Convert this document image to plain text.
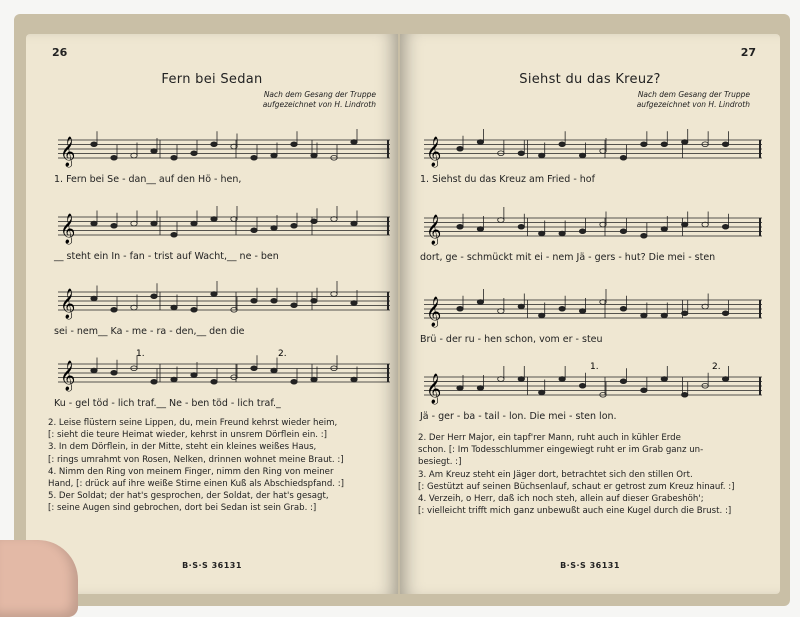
26
Fern bei Sedan
Nach dem Gesang der Truppe
aufgezeichnet von H. Lindroth
𝄞
1. Fern bei Se - dan__ auf den Hö - hen,
𝄞
__ steht ein In - fan - trist auf Wacht,__ ne - ben
𝄞
sei - nem__ Ka - me - ra - den,__ den die
1.	2.
𝄞
Ku - gel töd - lich traf.__ Ne - ben töd - lich traf._
2. Leise flüstern seine Lippen, du, mein Freund kehrst wieder heim,
[: sieht die teure Heimat wieder, kehrst in unsrem Dörflein ein. :]
3. In dem Dörflein, in der Mitte, steht ein kleines weißes Haus,
[: rings umrahmt von Rosen, Nelken, drinnen wohnet meine Braut. :]
4. Nimm den Ring von meinem Finger, nimm den Ring von meiner
Hand, [: drück auf ihre weiße Stirne einen Kuß als Abschiedspfand. :]
5. Der Soldat; der hat's gesprochen, der Soldat, der hat's gesagt,
[: seine Augen sind gebrochen, dort bei Sedan ist sein Grab. :]
B·S·S 36131
27
Siehst du das Kreuz?
Nach dem Gesang der Truppe
aufgezeichnet von H. Lindroth
𝄞
1. Siehst du das Kreuz am Fried - hof
𝄞
dort, ge - schmückt mit ei - nem Jä - gers - hut? Die mei - sten
𝄞
Brü - der ru - hen schon, vom er - steu
1.	2.
𝄞
Jä - ger - ba - tail - lon. Die mei - sten lon.
2. Der Herr Major, ein tapf'rer Mann, ruht auch in kühler Erde
schon. [: Im Todesschlummer eingewiegt ruht er im Grab ganz un-
besiegt. :]
3. Am Kreuz steht ein Jäger dort, betrachtet sich den stillen Ort.
[: Gestützt auf seinen Büchsenlauf, schaut er getrost zum Kreuz hinauf. :]
4. Verzeih, o Herr, daß ich noch steh, allein auf dieser Grabeshöh';
[: vielleicht trifft mich ganz unbewußt auch eine Kugel durch die Brust. :]
B·S·S 36131
